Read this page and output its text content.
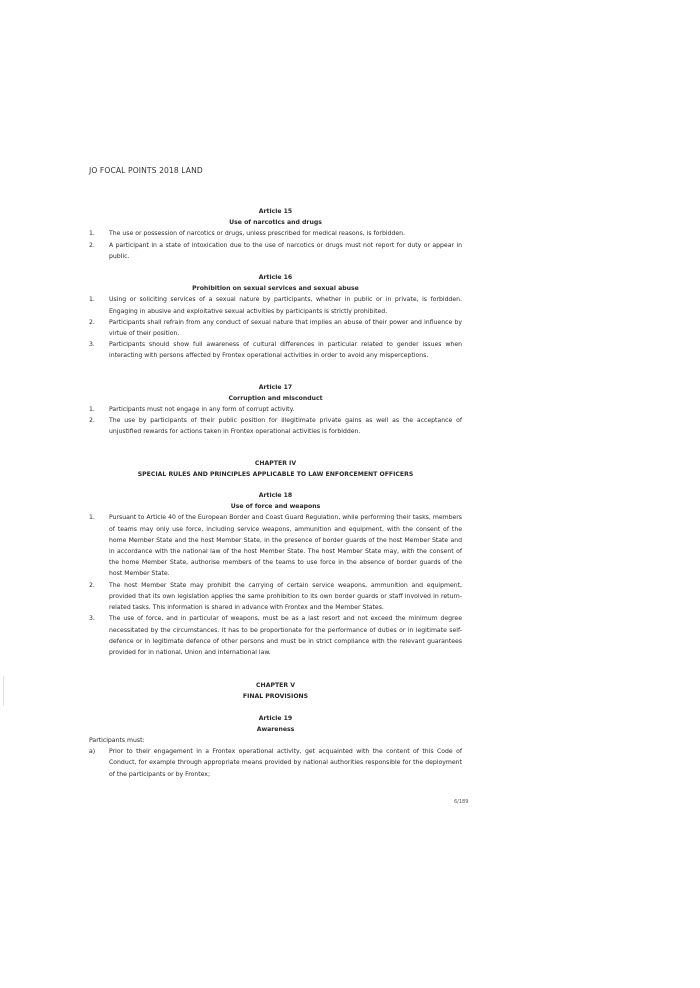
JO FOCAL POINTS 2018 LAND
Article 15
Use of narcotics and drugs
1.	The use or possession of narcotics or drugs, unless prescribed for medical reasons, is forbidden.
2.	A participant in a state of intoxication due to the use of narcotics or drugs must not report for duty or appear in public.
Article 16
Prohibition on sexual services and sexual abuse
1.	Using or soliciting services of a sexual nature by participants, whether in public or in private, is forbidden. Engaging in abusive and exploitative sexual activities by participants is strictly prohibited.
2.	Participants shall refrain from any conduct of sexual nature that implies an abuse of their power and influence by virtue of their position.
3.	Participants should show full awareness of cultural differences in particular related to gender issues when interacting with persons affected by Frontex operational activities in order to avoid any misperceptions.
Article 17
Corruption and misconduct
1.	Participants must not engage in any form of corrupt activity.
2.	The use by participants of their public position for illegitimate private gains as well as the acceptance of unjustified rewards for actions taken in Frontex operational activities is forbidden.
CHAPTER IV
SPECIAL RULES AND PRINCIPLES APPLICABLE TO LAW ENFORCEMENT OFFICERS
Article 18
Use of force and weapons
1.	Pursuant to Article 40 of the European Border and Coast Guard Regulation, while performing their tasks, members of teams may only use force, including service weapons, ammunition and equipment, with the consent of the home Member State and the host Member State, in the presence of border guards of the host Member State and in accordance with the national law of the host Member State. The host Member State may, with the consent of the home Member State, authorise members of the teams to use force in the absence of border guards of the host Member State.
2.	The host Member State may prohibit the carrying of certain service weapons, ammunition and equipment, provided that its own legislation applies the same prohibition to its own border guards or staff involved in return-related tasks. This information is shared in advance with Frontex and the Member States.
3.	The use of force, and in particular of weapons, must be as a last resort and not exceed the minimum degree necessitated by the circumstances. It has to be proportionate for the performance of duties or in legitimate self-defence or in legitimate defence of other persons and must be in strict compliance with the relevant guarantees provided for in national, Union and international law.
CHAPTER V
FINAL PROVISIONS
Article 19
Awareness
Participants must:
a)	Prior to their engagement in a Frontex operational activity, get acquainted with the content of this Code of Conduct, for example through appropriate means provided by national authorities responsible for the deployment of the participants or by Frontex;
6/189
